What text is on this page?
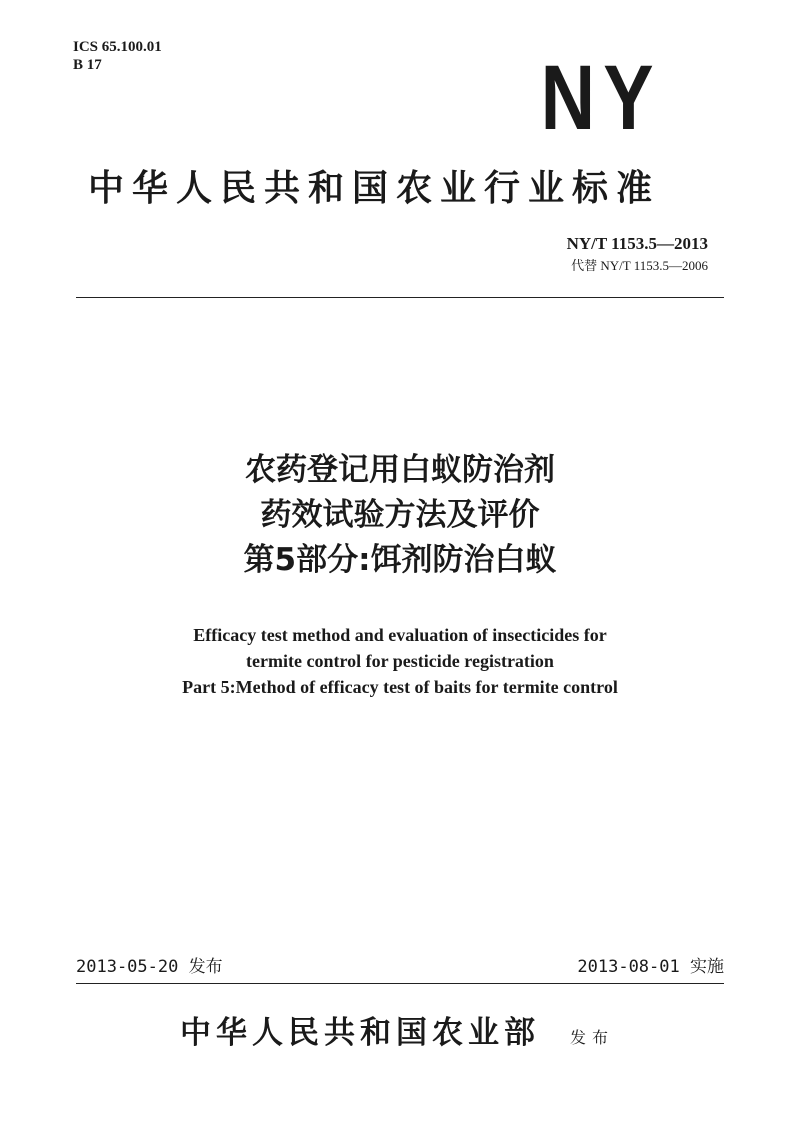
ICS 65.100.01
B 17	NY
中华人民共和国农业行业标准
NY/T 1153.5—2013
代替 NY/T 1153.5—2006
农药登记用白蚁防治剂
药效试验方法及评价
第5部分:饵剂防治白蚁
Efficacy test method and evaluation of insecticides for
termite control for pesticide registration
Part 5:Method of efficacy test of baits for termite control
2013-05-20 发布	2013-08-01 实施
中华人民共和国农业部 发布
